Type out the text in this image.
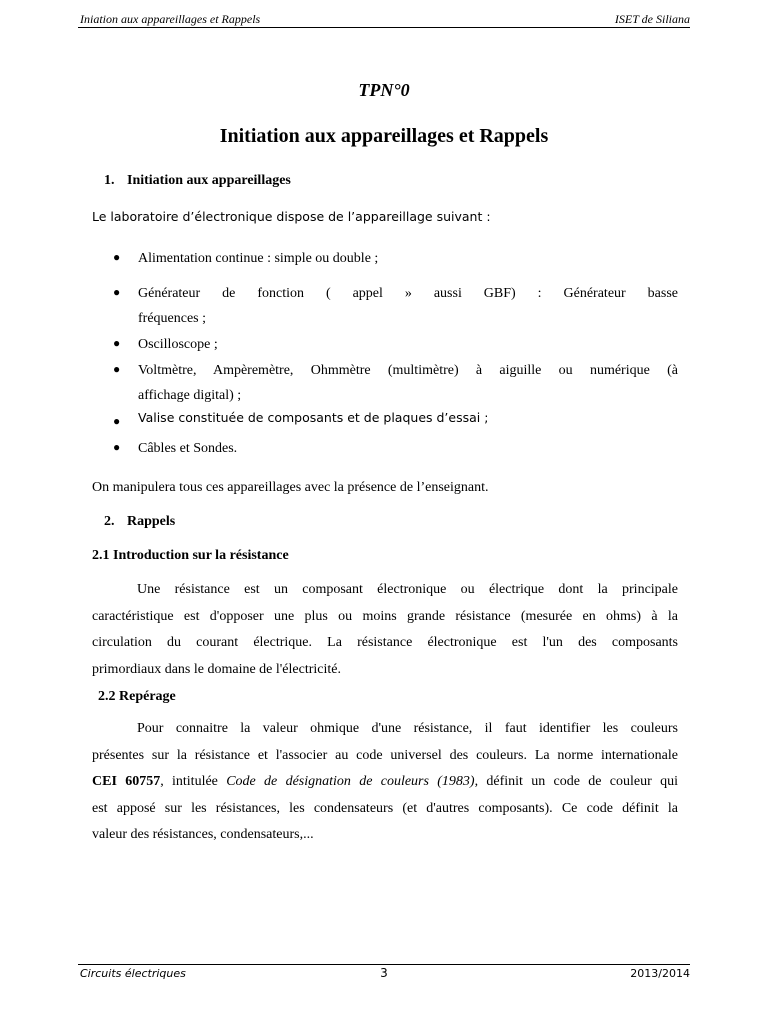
Iniation aux appareillages et Rappels	ISET de Siliana
TPN°0
Initiation aux appareillages et Rappels
1. Initiation aux appareillages
Le laboratoire d’électronique dispose de l’appareillage suivant :
● Alimentation continue : simple ou double ;
● Générateur de fonction ( appel » aussi GBF) : Générateur basse
fréquences ;
● Oscilloscope ;
● Voltmètre, Ampèremètre, Ohmmètre (multimètre) à aiguille ou numérique (à
affichage digital) ;
● Valise constituée de composants et de plaques d’essai ;
● Câbles et Sondes.
On manipulera tous ces appareillages avec la présence de l’enseignant.
2. Rappels
2.1 Introduction sur la résistance
Une résistance est un composant électronique ou électrique dont la principale
caractéristique est d'opposer une plus ou moins grande résistance (mesurée en ohms) à la
circulation du courant électrique. La résistance électronique est l'un des composants
primordiaux dans le domaine de l'électricité.
2.2 Repérage
Pour connaitre la valeur ohmique d'une résistance, il faut identifier les couleurs
présentes sur la résistance et l'associer au code universel des couleurs. La norme internationale
CEI 60757, intitulée Code de désignation de couleurs (1983), définit un code de couleur qui
est apposé sur les résistances, les condensateurs (et d'autres composants). Ce code définit la
valeur des résistances, condensateurs,...
Circuits électriques	3	2013/2014
